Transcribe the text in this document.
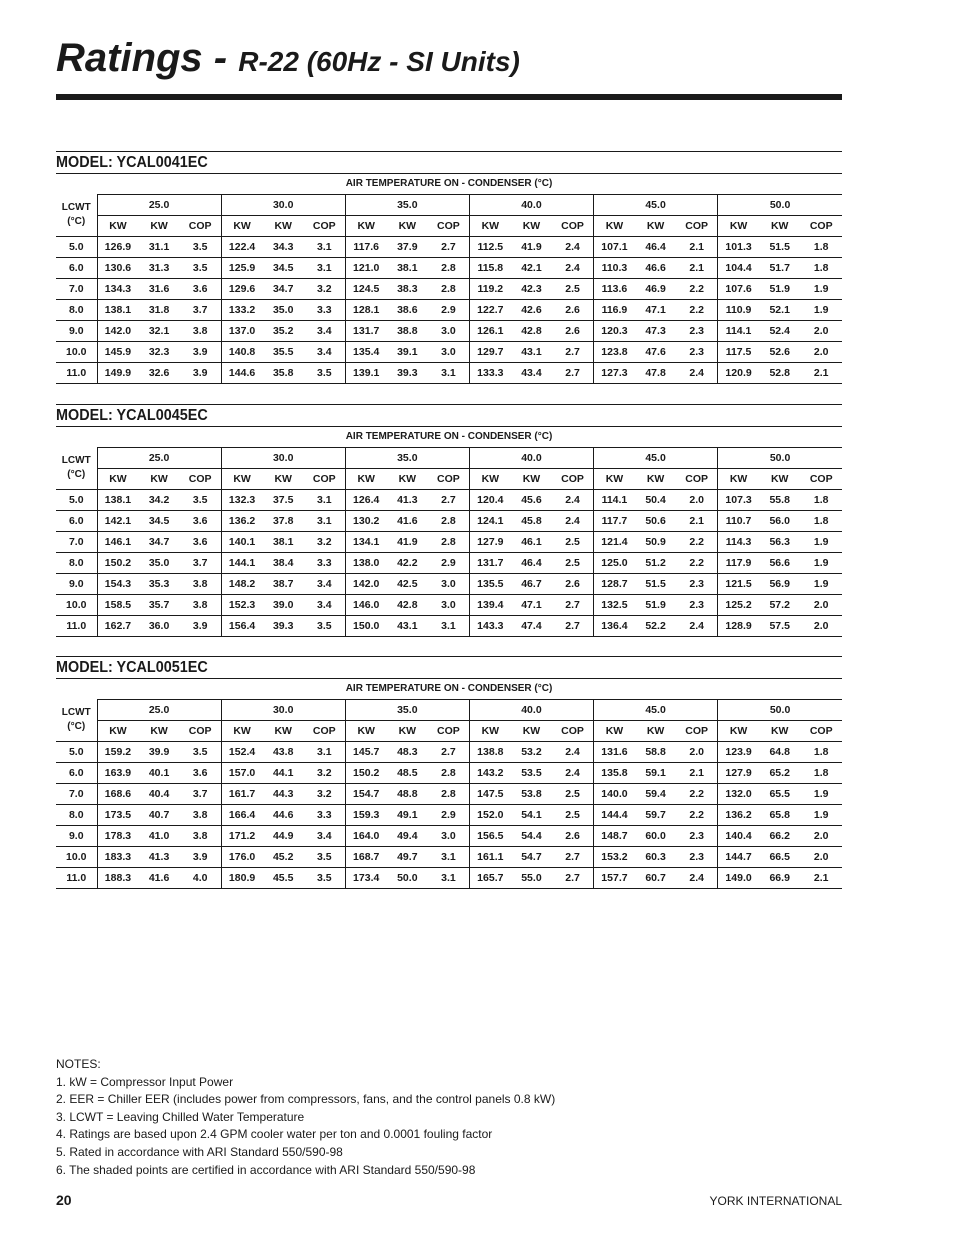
Ratings - R-22 (60Hz - SI Units)
MODEL: YCAL0041EC
AIR TEMPERATURE ON - CONDENSER (°C)																		

LCWT
(°C)	25.0			30.0			35.0			40.0			45.0			50.0		
	KW	KW	COP	KW	KW	COP	KW	KW	COP	KW	KW	COP	KW	KW	COP	KW	KW	COP
5.0	126.9	31.1	3.5	122.4	34.3	3.1	117.6	37.9	2.7	112.5	41.9	2.4	107.1	46.4	2.1	101.3	51.5	1.8
6.0	130.6	31.3	3.5	125.9	34.5	3.1	121.0	38.1	2.8	115.8	42.1	2.4	110.3	46.6	2.1	104.4	51.7	1.8
7.0	134.3	31.6	3.6	129.6	34.7	3.2	124.5	38.3	2.8	119.2	42.3	2.5	113.6	46.9	2.2	107.6	51.9	1.9
8.0	138.1	31.8	3.7	133.2	35.0	3.3	128.1	38.6	2.9	122.7	42.6	2.6	116.9	47.1	2.2	110.9	52.1	1.9
9.0	142.0	32.1	3.8	137.0	35.2	3.4	131.7	38.8	3.0	126.1	42.8	2.6	120.3	47.3	2.3	114.1	52.4	2.0
10.0	145.9	32.3	3.9	140.8	35.5	3.4	135.4	39.1	3.0	129.7	43.1	2.7	123.8	47.6	2.3	117.5	52.6	2.0
11.0	149.9	32.6	3.9	144.6	35.8	3.5	139.1	39.3	3.1	133.3	43.4	2.7	127.3	47.8	2.4	120.9	52.8	2.1
MODEL: YCAL0045EC
AIR TEMPERATURE ON - CONDENSER (°C)																		

LCWT
(°C)	25.0			30.0			35.0			40.0			45.0			50.0		
	KW	KW	COP	KW	KW	COP	KW	KW	COP	KW	KW	COP	KW	KW	COP	KW	KW	COP
5.0	138.1	34.2	3.5	132.3	37.5	3.1	126.4	41.3	2.7	120.4	45.6	2.4	114.1	50.4	2.0	107.3	55.8	1.8
6.0	142.1	34.5	3.6	136.2	37.8	3.1	130.2	41.6	2.8	124.1	45.8	2.4	117.7	50.6	2.1	110.7	56.0	1.8
7.0	146.1	34.7	3.6	140.1	38.1	3.2	134.1	41.9	2.8	127.9	46.1	2.5	121.4	50.9	2.2	114.3	56.3	1.9
8.0	150.2	35.0	3.7	144.1	38.4	3.3	138.0	42.2	2.9	131.7	46.4	2.5	125.0	51.2	2.2	117.9	56.6	1.9
9.0	154.3	35.3	3.8	148.2	38.7	3.4	142.0	42.5	3.0	135.5	46.7	2.6	128.7	51.5	2.3	121.5	56.9	1.9
10.0	158.5	35.7	3.8	152.3	39.0	3.4	146.0	42.8	3.0	139.4	47.1	2.7	132.5	51.9	2.3	125.2	57.2	2.0
11.0	162.7	36.0	3.9	156.4	39.3	3.5	150.0	43.1	3.1	143.3	47.4	2.7	136.4	52.2	2.4	128.9	57.5	2.0
MODEL: YCAL0051EC
AIR TEMPERATURE ON - CONDENSER (°C)																		

LCWT
(°C)	25.0			30.0			35.0			40.0			45.0			50.0		
	KW	KW	COP	KW	KW	COP	KW	KW	COP	KW	KW	COP	KW	KW	COP	KW	KW	COP
5.0	159.2	39.9	3.5	152.4	43.8	3.1	145.7	48.3	2.7	138.8	53.2	2.4	131.6	58.8	2.0	123.9	64.8	1.8
6.0	163.9	40.1	3.6	157.0	44.1	3.2	150.2	48.5	2.8	143.2	53.5	2.4	135.8	59.1	2.1	127.9	65.2	1.8
7.0	168.6	40.4	3.7	161.7	44.3	3.2	154.7	48.8	2.8	147.5	53.8	2.5	140.0	59.4	2.2	132.0	65.5	1.9
8.0	173.5	40.7	3.8	166.4	44.6	3.3	159.3	49.1	2.9	152.0	54.1	2.5	144.4	59.7	2.2	136.2	65.8	1.9
9.0	178.3	41.0	3.8	171.2	44.9	3.4	164.0	49.4	3.0	156.5	54.4	2.6	148.7	60.0	2.3	140.4	66.2	2.0
10.0	183.3	41.3	3.9	176.0	45.2	3.5	168.7	49.7	3.1	161.1	54.7	2.7	153.2	60.3	2.3	144.7	66.5	2.0
11.0	188.3	41.6	4.0	180.9	45.5	3.5	173.4	50.0	3.1	165.7	55.0	2.7	157.7	60.7	2.4	149.0	66.9	2.1
NOTES:
1. kW = Compressor Input Power
2. EER = Chiller EER (includes power from compressors, fans, and the control panels 0.8 kW)
3. LCWT = Leaving Chilled Water Temperature
4. Ratings are based upon 2.4 GPM cooler water per ton and 0.0001 fouling factor
5. Rated in accordance with ARI Standard 550/590-98
6. The shaded points are certified in accordance with ARI Standard 550/590-98
20	YORK INTERNATIONAL
